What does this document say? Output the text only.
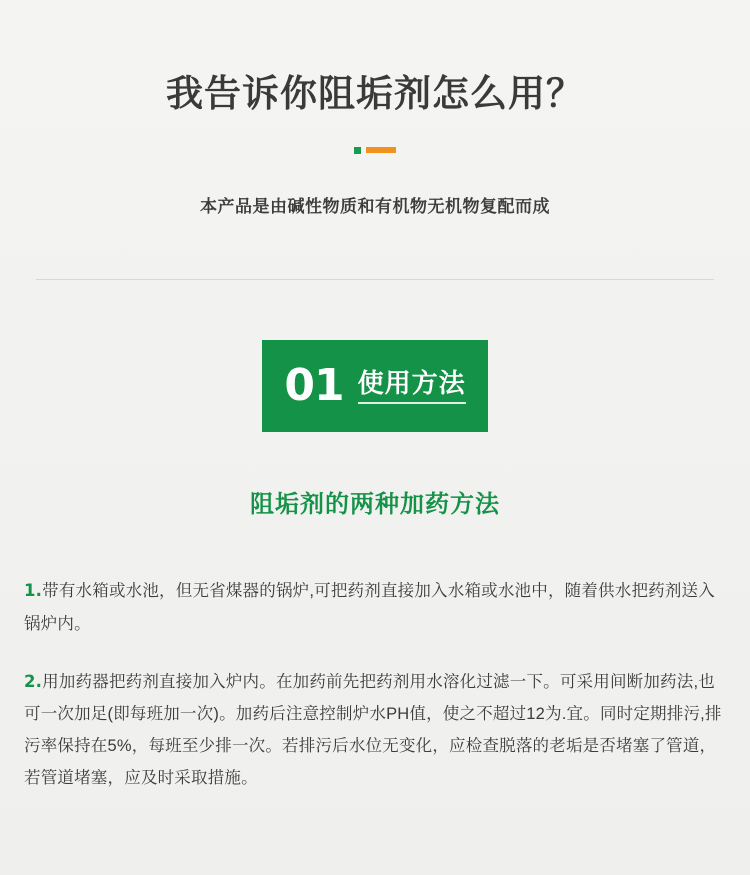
我告诉你阻垢剂怎么用？

本产品是由碱性物质和有机物无机物复配而成

01 使用方法
阻垢剂的两种加药方法

1.带有水箱或水池，但无省煤器的锅炉,可把药剂直接加入水箱或水池中，随着供水把药剂送入锅炉内。

2.用加药器把药剂直接加入炉内。在加药前先把药剂用水溶化过滤一下。可采用间断加药法,也可一次加足(即每班加一次)。加药后注意控制炉水PH值，使之不超过12为.宜。同时定期排污,排污率保持在5%，每班至少排一次。若排污后水位无变化，应检查脱落的老垢是否堵塞了管道，若管道堵塞，应及时采取措施。
